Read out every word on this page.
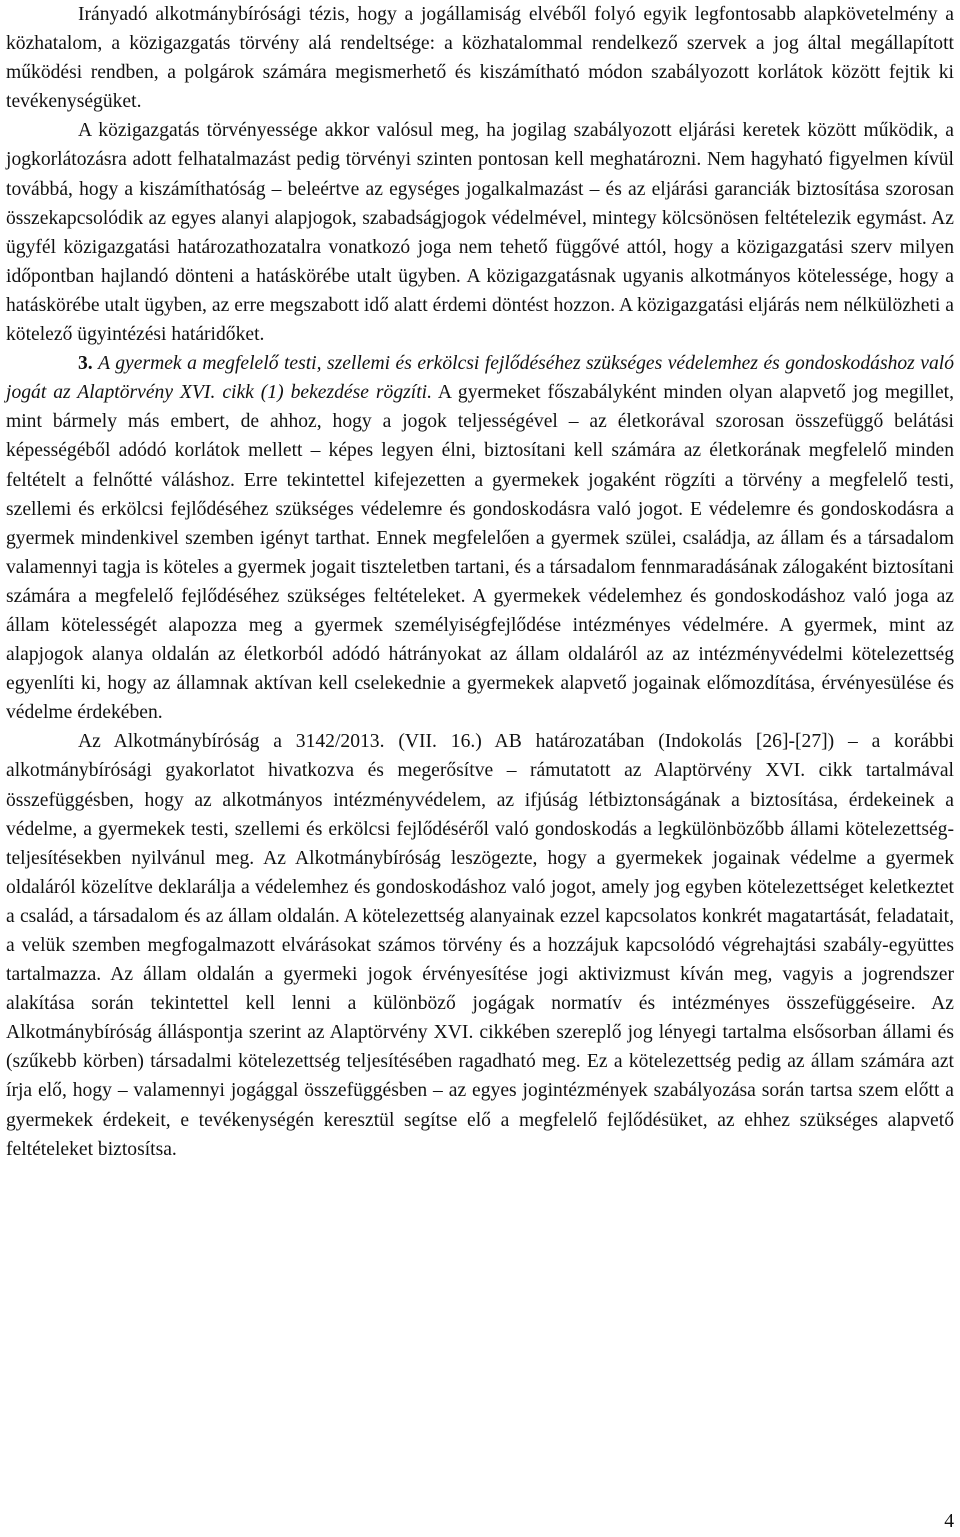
Irányadó alkotmánybírósági tézis, hogy a jogállamiság elvéből folyó egyik legfontosabb alapkövetelmény a közhatalom, a közigazgatás törvény alá rendeltsége: a közhatalommal rendelkező szervek a jog által megállapított működési rendben, a polgárok számára megismerhető és kiszámítható módon szabályozott korlátok között fejtik ki tevékenységüket.

A közigazgatás törvényessége akkor valósul meg, ha jogilag szabályozott eljárási keretek között működik, a jogkorlátozásra adott felhatalmazást pedig törvényi szinten pontosan kell meghatározni. Nem hagyható figyelmen kívül továbbá, hogy a kiszámíthatóság – beleértve az egységes jogalkalmazást – és az eljárási garanciák biztosítása szorosan összekapcsolódik az egyes alanyi alapjogok, szabadságjogok védelmével, mintegy kölcsönösen feltételezik egymást. Az ügyfél közigazgatási határozathozatalra vonatkozó joga nem tehető függővé attól, hogy a közigazgatási szerv milyen időpontban hajlandó dönteni a hatáskörébe utalt ügyben. A közigazgatásnak ugyanis alkotmányos kötelessége, hogy a hatáskörébe utalt ügyben, az erre megszabott idő alatt érdemi döntést hozzon. A közigazgatási eljárás nem nélkülözheti a kötelező ügyintézési határidőket.

3. A gyermek a megfelelő testi, szellemi és erkölcsi fejlődéséhez szükséges védelemhez és gondoskodáshoz való jogát az Alaptörvény XVI. cikk (1) bekezdése rögzíti. A gyermeket főszabályként minden olyan alapvető jog megillet, mint bármely más embert, de ahhoz, hogy a jogok teljességével – az életkorával szorosan összefüggő belátási képességéből adódó korlátok mellett – képes legyen élni, biztosítani kell számára az életkorának megfelelő minden feltételt a felnőtté váláshoz. Erre tekintettel kifejezetten a gyermekek jogaként rögzíti a törvény a megfelelő testi, szellemi és erkölcsi fejlődéséhez szükséges védelemre és gondoskodásra való jogot. E védelemre és gondoskodásra a gyermek mindenkivel szemben igényt tarthat. Ennek megfelelően a gyermek szülei, családja, az állam és a társadalom valamennyi tagja is köteles a gyermek jogait tiszteletben tartani, és a társadalom fennmaradásának zálogaként biztosítani számára a megfelelő fejlődéséhez szükséges feltételeket. A gyermekek védelemhez és gondoskodáshoz való joga az állam kötelességét alapozza meg a gyermek személyiségfejlődése intézményes védelmére. A gyermek, mint az alapjogok alanya oldalán az életkorból adódó hátrányokat az állam oldaláról az az intézményvédelmi kötelezettség egyenlíti ki, hogy az államnak aktívan kell cselekednie a gyermekek alapvető jogainak előmozdítása, érvényesülése és védelme érdekében.

Az Alkotmánybíróság a 3142/2013. (VII. 16.) AB határozatában (Indokolás [26]-[27]) – a korábbi alkotmánybírósági gyakorlatot hivatkozva és megerősítve – rámutatott az Alaptörvény XVI. cikk tartalmával összefüggésben, hogy az alkotmányos intézményvédelem, az ifjúság létbiztonságának a biztosítása, érdekeinek a védelme, a gyermekek testi, szellemi és erkölcsi fejlődéséről való gondoskodás a legkülönbözőbb állami kötelezettség-teljesítésekben nyilvánul meg. Az Alkotmánybíróság leszögezte, hogy a gyermekek jogainak védelme a gyermek oldaláról közelítve deklarálja a védelemhez és gondoskodáshoz való jogot, amely jog egyben kötelezettséget keletkeztet a család, a társadalom és az állam oldalán. A kötelezettség alanyainak ezzel kapcsolatos konkrét magatartását, feladatait, a velük szemben megfogalmazott elvárásokat számos törvény és a hozzájuk kapcsolódó végrehajtási szabály-együttes tartalmazza. Az állam oldalán a gyermeki jogok érvényesítése jogi aktivizmust kíván meg, vagyis a jogrendszer alakítása során tekintettel kell lenni a különböző jogágak normatív és intézményes összefüggéseire. Az Alkotmánybíróság álláspontja szerint az Alaptörvény XVI. cikkében szereplő jog lényegi tartalma elsősorban állami és (szűkebb körben) társadalmi kötelezettség teljesítésében ragadható meg. Ez a kötelezettség pedig az állam számára azt írja elő, hogy – valamennyi jogággal összefüggésben – az egyes jogintézmények szabályozása során tartsa szem előtt a gyermekek érdekeit, e tevékenységén keresztül segítse elő a megfelelő fejlődésüket, az ehhez szükséges alapvető feltételeket biztosítsa.

4
